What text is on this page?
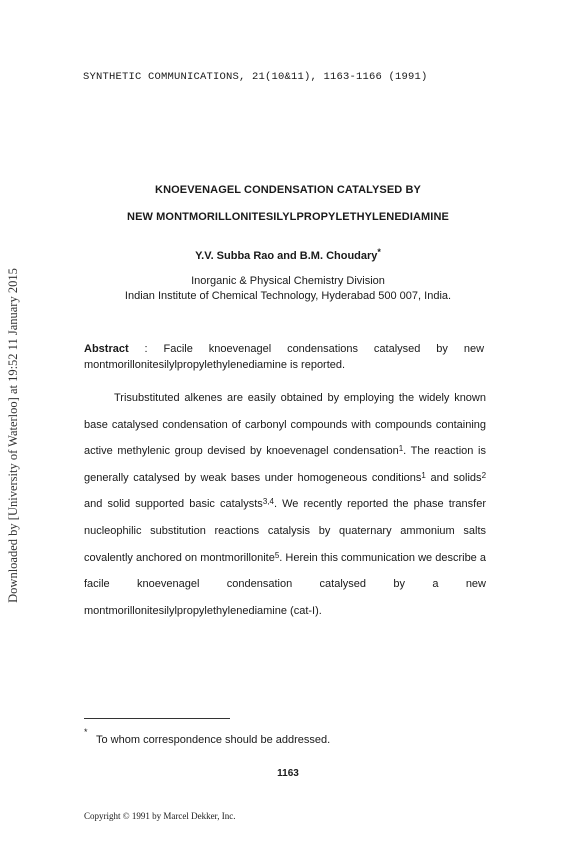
Downloaded by [University of Waterloo] at 19:52 11 January 2015
SYNTHETIC COMMUNICATIONS, 21(10&11), 1163-1166 (1991)
KNOEVENAGEL CONDENSATION CATALYSED BY
NEW MONTMORILLONITESILYLPROPYLETHYLENEDIAMINE
Y.V. Subba Rao and B.M. Choudary*
Inorganic & Physical Chemistry Division
Indian Institute of Chemical Technology, Hyderabad 500 007, India.
Abstract : Facile knoevenagel condensations catalysed by new montmorillonitesilylpropylethylenediamine is reported.

Trisubstituted alkenes are easily obtained by employing the widely known base catalysed condensation of carbonyl compounds with compounds containing active methylenic group devised by knoevenagel condensation$^1$. The reaction is generally catalysed by weak bases under homogeneous conditions$^1$ and solids$^2$ and solid supported basic catalysts$^{3,4}$. We recently reported the phase transfer nucleophilic substitution reactions catalysis by quaternary ammonium salts covalently anchored on montmorillonite$^5$. Herein this communication we describe a facile knoevenagel condensation catalysed by a new montmorillonitesilylpropylethylenediamine (cat-I).

*
To whom correspondence should be addressed.
1163
Copyright © 1991 by Marcel Dekker, Inc.
